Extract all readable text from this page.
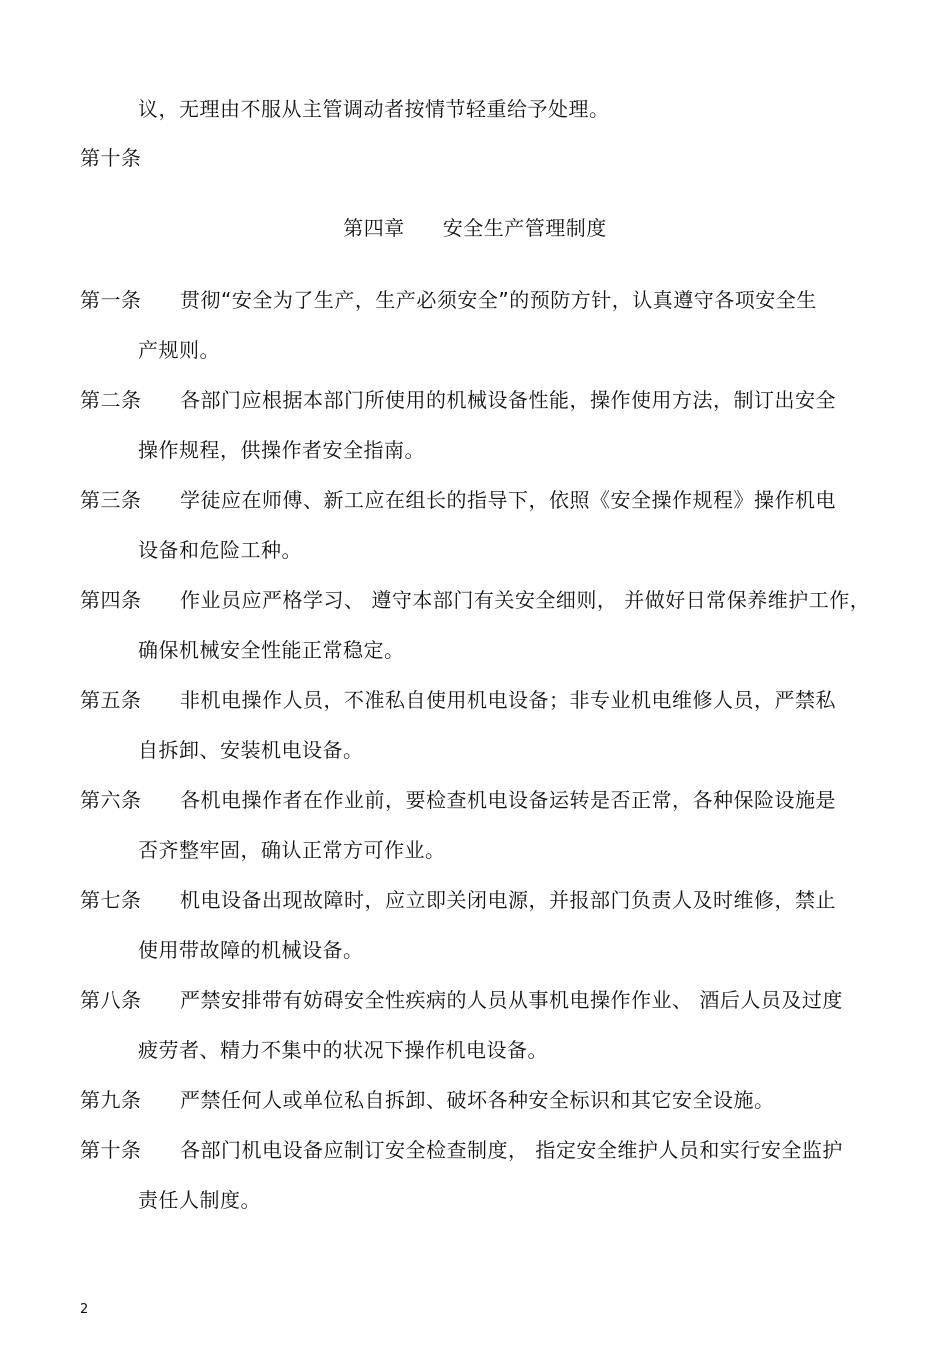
议，无理由不服从主管调动者按情节轻重给予处理。
第十条
第四章 安全生产管理制度
第一条 贯彻“安全为了生产，生产必须安全”的预防方针，认真遵守各项安全生
产规则。
第二条 各部门应根据本部门所使用的机械设备性能，操作使用方法，制订出安全
操作规程，供操作者安全指南。
第三条 学徒应在师傅、新工应在组长的指导下，依照《安全操作规程》操作机电
设备和危险工种。
第四条 作业员应严格学习、 遵守本部门有关安全细则， 并做好日常保养维护工作，
确保机械安全性能正常稳定。
第五条 非机电操作人员，不准私自使用机电设备；非专业机电维修人员，严禁私
自拆卸、安装机电设备。
第六条 各机电操作者在作业前，要检查机电设备运转是否正常，各种保险设施是
否齐整牢固，确认正常方可作业。
第七条 机电设备出现故障时，应立即关闭电源，并报部门负责人及时维修，禁止
使用带故障的机械设备。
第八条 严禁安排带有妨碍安全性疾病的人员从事机电操作作业、 酒后人员及过度
疲劳者、精力不集中的状况下操作机电设备。
第九条 严禁任何人或单位私自拆卸、破坏各种安全标识和其它安全设施。
第十条 各部门机电设备应制订安全检查制度， 指定安全维护人员和实行安全监护
责任人制度。
2
